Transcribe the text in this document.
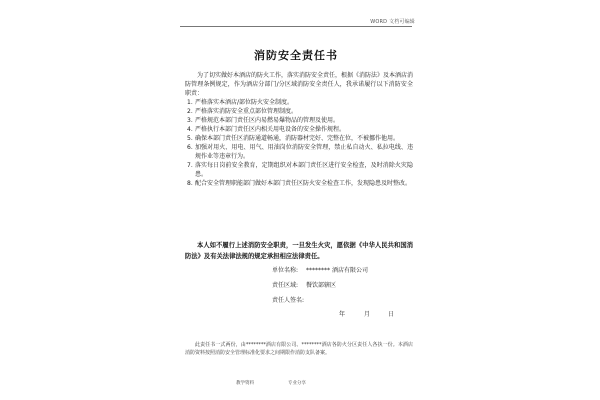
WORD 文档可编辑
消防安全责任书

为了切实做好本酒店的防火工作，落实消防安全责任，根据《消防法》及本酒店消防管理条例规定，作为酒店分部门/分区域消防安全责任人，我承诺履行以下消防安全职责：

1. 严格落实本酒店/部位防火安全制度。
2. 严格落实消防安全重点部位管理制度。
3. 严格规范本部门责任区内易燃易爆物品的管理及使用。
4. 严格执行本部门责任区内相关用电设备的安全操作规程。
5. 确保本部门责任区消防通道畅通，消防器材完好、完整在位，不被挪作他用。
6. 加强对用火、用电、用气、用油岗位消防安全管理，禁止私自动火、私拉电线、违规作业等违章行为。
7. 落实每日岗前安全教育，定期组织对本部门责任区进行安全检查，及时消除火灾隐患。
8. 配合安全管理职能部门做好本部门责任区防火安全检查工作，发现隐患及时整改。

本人如不履行上述消防安全职责，一旦发生火灾，愿依据《中华人民共和国消防法》及有关法律法规的规定承担相应法律责任。

单位名称: ******** 酒店有限公司
责任区域: 餐饮部辖区
责任人签名:
年	月	日

此责任书一式两份，由********酒店有限公司、********酒店各防火分区责任人各执一份。本酒店消防资料按照消防安全管理标准化要求之间期限作消防支队备案。

教学资料	专业分享
